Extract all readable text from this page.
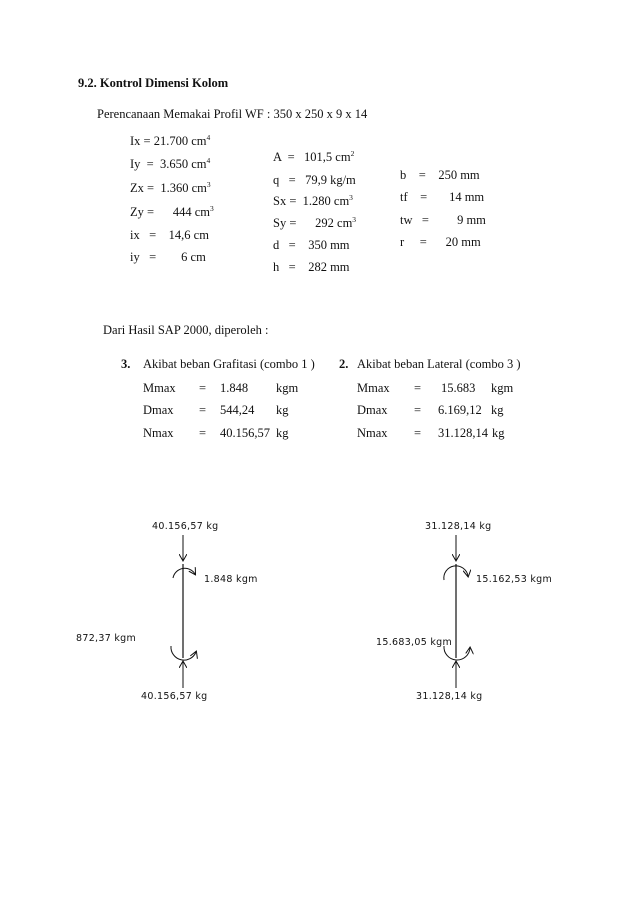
9.2. Kontrol Dimensi Kolom
Perencanaan Memakai Profil WF : 350 x 250 x 9 x 14
Ix = 21.700 $cm^4$
Iy = 3.650 $cm^4$
Zx = 1.360 $cm^3$
Zy = 444 $cm^3$
ix = 14,6 cm
iy = 6 cm
A = 101,5 $cm^2$
q = 79,9 kg/m
Sx = 1.280 $cm^3$
Sy = 292 $cm^3$
d = 350 mm
h = 282 mm
b = 250 mm
tf = 14 mm
tw = 9 mm
r = 20 mm
Dari Hasil SAP 2000, diperoleh :
3. Akibat beban Grafitasi (combo 1 )
Mmax = 1.848 kgm
Dmax = 544,24 kg
Nmax = 40.156,57 kg
2. Akibat beban Lateral (combo 3 )
Mmax = 15.683 kgm
Dmax = 6.169,12 kg
Nmax = 31.128,14 kg
40.156,57 kg
1.848 kgm
872,37 kgm
40.156,57 kg
31.128,14 kg
15.162,53 kgm
15.683,05 kgm
31.128,14 kg
